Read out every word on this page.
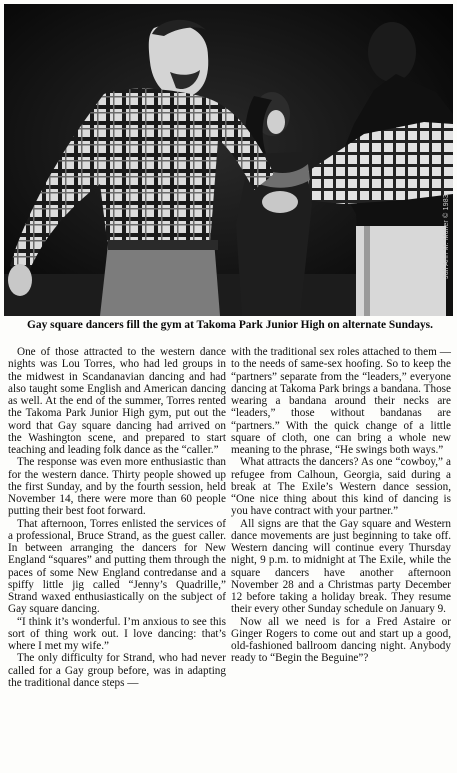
Juli Ann M. Muller © 1983
Gay square dancers fill the gym at Takoma Park Junior High on alternate Sundays.

One of those attracted to the western dance nights was Lou Torres, who had led groups in the midwest in Scandanavian dancing and had also taught some English and American dancing as well. At the end of the summer, Torres rented the Takoma Park Junior High gym, put out the word that Gay square dancing had arrived on the Washington scene, and prepared to start teaching and leading folk dance as the “caller.”

The response was even more enthusiastic than for the western dance. Thirty people showed up the first Sunday, and by the fourth session, held November 14, there were more than 60 people putting their best foot forward.

That afternoon, Torres enlisted the services of a professional, Bruce Strand, as the guest caller. In between arranging the dancers for New England “squares” and putting them through the paces of some New England contredanse and a spiffy little jig called “Jenny’s Quadrille,” Strand waxed enthusiastically on the subject of Gay square dancing.

“I think it’s wonderful. I’m anxious to see this sort of thing work out. I love dancing: that’s where I met my wife.”

The only difficulty for Strand, who had never called for a Gay group before, was in adapting the traditional dance steps —

with the traditional sex roles attached to them —to the needs of same-sex hoofing. So to keep the “partners” separate from the “leaders,” everyone dancing at Takoma Park brings a bandana. Those wearing a bandana around their necks are “leaders,” those without bandanas are “partners.” With the quick change of a little square of cloth, one can bring a whole new meaning to the phrase, “He swings both ways.”

What attracts the dancers? As one “cowboy,” a refugee from Calhoun, Georgia, said during a break at The Exile’s Western dance session, “One nice thing about this kind of dancing is you have contract with your partner.”

All signs are that the Gay square and Western dance movements are just beginning to take off. Western dancing will continue every Thursday night, 9 p.m. to midnight at The Exile, while the square dancers have another afternoon November 28 and a Christmas party December 12 before taking a holiday break. They resume their every other Sunday schedule on January 9.

Now all we need is for a Fred Astaire or Ginger Rogers to come out and start up a good, old-fashioned ballroom dancing night. Anybody ready to “Begin the Beguine”?
